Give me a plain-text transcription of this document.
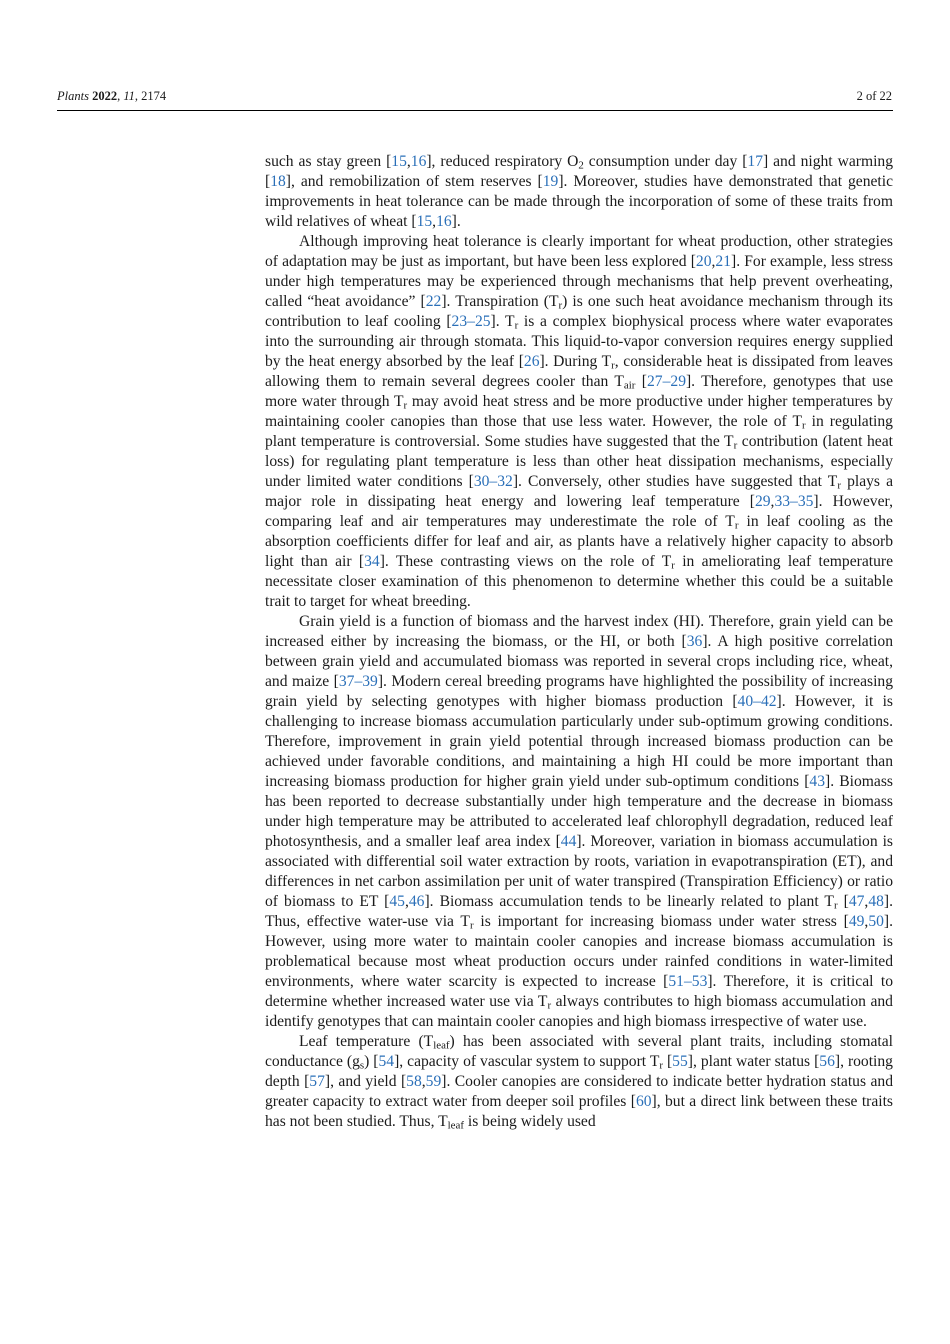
Plants 2022, 11, 2174	2 of 22

such as stay green [15,16], reduced respiratory $O_2$ consumption under day [17] and night warming [18], and remobilization of stem reserves [19]. Moreover, studies have demonstrated that genetic improvements in heat tolerance can be made through the incorporation of some of these traits from wild relatives of wheat [15,16].

Although improving heat tolerance is clearly important for wheat production, other strategies of adaptation may be just as important, but have been less explored [20,21]. For example, less stress under high temperatures may be experienced through mechanisms that help prevent overheating, called “heat avoidance” [22]. Transpiration $(T_r)$ is one such heat avoidance mechanism through its contribution to leaf cooling [23–25]. $T_r$ is a complex biophysical process where water evaporates into the surrounding air through stomata. This liquid-to-vapor conversion requires energy supplied by the heat energy absorbed by the leaf [26]. During $T_r$, considerable heat is dissipated from leaves allowing them to remain several degrees cooler than $T_{air}$ [27–29]. Therefore, genotypes that use more water through $T_r$ may avoid heat stress and be more productive under higher temperatures by maintaining cooler canopies than those that use less water. However, the role of $T_r$ in regulating plant temperature is controversial. Some studies have suggested that the $T_r$ contribution (latent heat loss) for regulating plant temperature is less than other heat dissipation mechanisms, especially under limited water conditions [30–32]. Conversely, other studies have suggested that $T_r$ plays a major role in dissipating heat energy and lowering leaf temperature [29,33–35]. However, comparing leaf and air temperatures may underestimate the role of $T_r$ in leaf cooling as the absorption coefficients differ for leaf and air, as plants have a relatively higher capacity to absorb light than air [34]. These contrasting views on the role of $T_r$ in ameliorating leaf temperature necessitate closer examination of this phenomenon to determine whether this could be a suitable trait to target for wheat breeding.

Grain yield is a function of biomass and the harvest index (HI). Therefore, grain yield can be increased either by increasing the biomass, or the HI, or both [36]. A high positive correlation between grain yield and accumulated biomass was reported in several crops including rice, wheat, and maize [37–39]. Modern cereal breeding programs have highlighted the possibility of increasing grain yield by selecting genotypes with higher biomass production [40–42]. However, it is challenging to increase biomass accumulation particularly under sub-optimum growing conditions. Therefore, improvement in grain yield potential through increased biomass production can be achieved under favorable conditions, and maintaining a high HI could be more important than increasing biomass production for higher grain yield under sub-optimum conditions [43]. Biomass has been reported to decrease substantially under high temperature and the decrease in biomass under high temperature may be attributed to accelerated leaf chlorophyll degradation, reduced leaf photosynthesis, and a smaller leaf area index [44]. Moreover, variation in biomass accumulation is associated with differential soil water extraction by roots, variation in evapotranspiration (ET), and differences in net carbon assimilation per unit of water transpired (Transpiration Efficiency) or ratio of biomass to ET [45,46]. Biomass accumulation tends to be linearly related to plant $T_r$ [47,48]. Thus, effective water-use via $T_r$ is important for increasing biomass under water stress [49,50]. However, using more water to maintain cooler canopies and increase biomass accumulation is problematical because most wheat production occurs under rainfed conditions in water-limited environments, where water scarcity is expected to increase [51–53]. Therefore, it is critical to determine whether increased water use via $T_r$ always contributes to high biomass accumulation and identify genotypes that can maintain cooler canopies and high biomass irrespective of water use.

Leaf temperature $(T_{leaf})$ has been associated with several plant traits, including stomatal conductance $(g_s)$ [54], capacity of vascular system to support $T_r$ [55], plant water status [56], rooting depth [57], and yield [58,59]. Cooler canopies are considered to indicate better hydration status and greater capacity to extract water from deeper soil profiles [60], but a direct link between these traits has not been studied. Thus, $T_{leaf}$ is being widely used
